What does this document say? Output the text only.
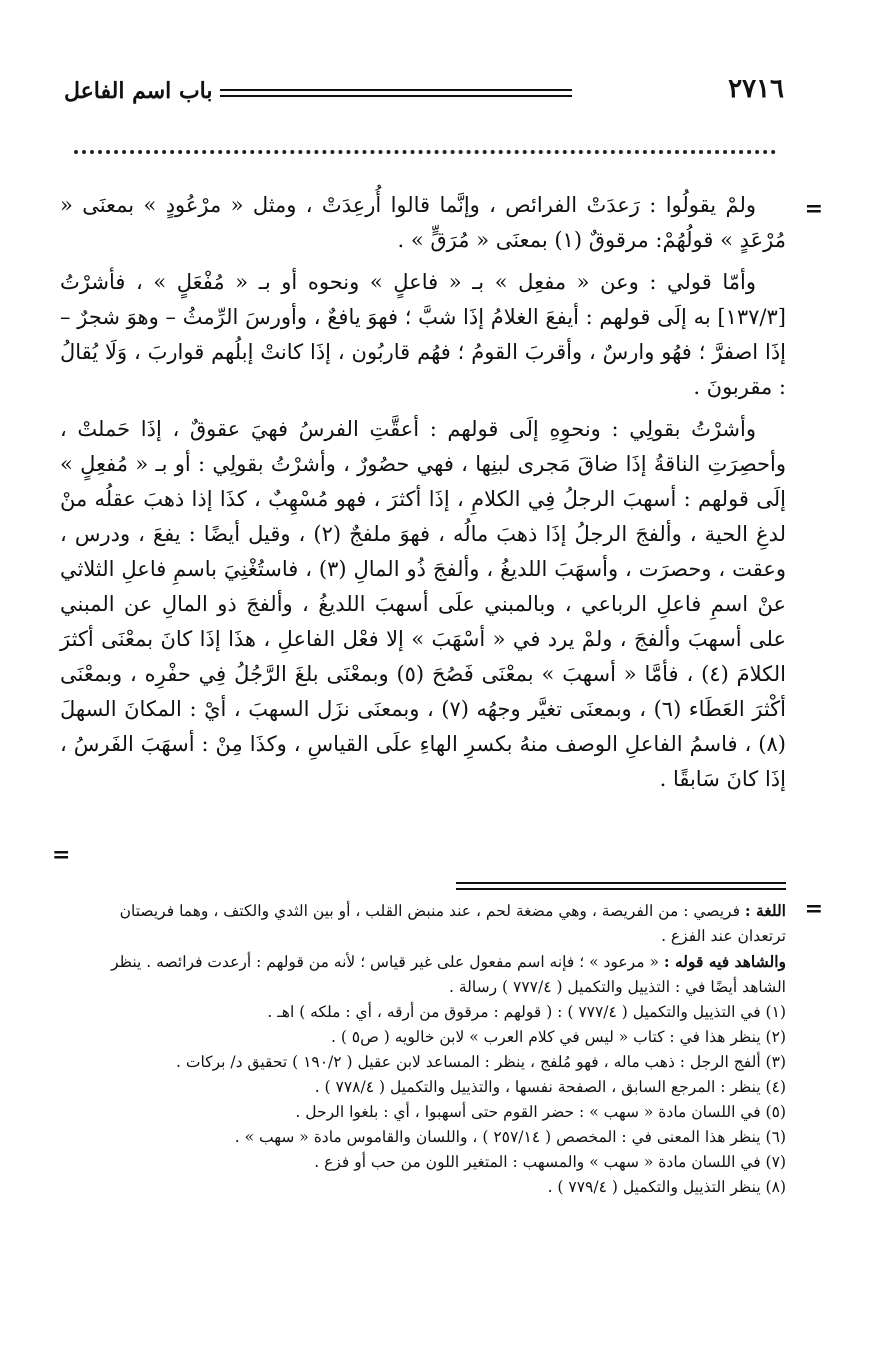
باب اسم الفاعل	٢٧١٦
=

ولمْ يقولُوا : رَعدَتْ الفرائص ، وإنَّما قالوا أُرعِدَتْ ، ومثل « مرْعُودٍ » بمعنَى « مُرْعَدٍ » قولُهُمْ: مرقوقٌ (١) بمعنَى « مُرَقٍّ » .

وأمّا قولي : وعن « مفعِل » بـ « فاعلٍ » ونحوه أو بـ « مُفْعَلٍ » ، فأشرْتُ [١٣٧/٣] به إلَى قولهم : أيفعَ الغلامُ إذَا شبَّ ؛ فهوَ يافعٌ ، وأورسَ الرِّمثُ – وهوَ شجرٌ – إذَا اصفرَّ ؛ فهُو وارسٌ ، وأقربَ القومُ ؛ فهُم قاربُون ، إذَا كانتْ إبلُهم قواربَ ، وَلَا يُقالُ : مقربونَ .

وأشرْتُ بقولِي : ونحوِهِ إلَى قولهم : أعقَّتِ الفرسُ فهيَ عقوقٌ ، إذَا حَملتْ ، وأحصِرَتِ الناقةُ إذَا ضاقَ مَجرى لبنِها ، فهي حصُورٌ ، وأشرْتُ بقولِي : أو بـ « مُفعِلٍ » إلَى قولهم : أسهبَ الرجلُ فِي الكلامِ ، إذَا أكثرَ ، فهو مُسْهِبٌ ، كذَا إذا ذهبَ عقلُه منْ لدغِ الحية ، وألفجَ الرجلُ إذَا ذهبَ مالُه ، فهوَ ملفجٌ (٢) ، وقيل أيضًا : يفعَ ، ودرس ، وعقت ، وحصرَت ، وأسهَبَ اللديغُ ، وألفجَ ذُو المالِ (٣) ، فاستُغْنِيَ باسمِ فاعلِ الثلاثي عنْ اسمِ فاعلِ الرباعي ، وبالمبني علَى أسهبَ اللديغُ ، وألفجَ ذو المالِ عن المبني على أسهبَ وألفجَ ، ولمْ يرد في « أسْهَبَ » إلا فعْل الفاعلِ ، هذَا إذَا كانَ بمعْنَى أكثرَ الكلامَ (٤) ، فأمَّا « أسهبَ » بمعْنَى فَصُحَ (٥) وبمعْنَى بلغَ الرَّجُلُ فِي حفْرِه ، وبمعْنَى أكْثرَ العَطَاء (٦) ، وبمعنَى تغيَّر وجهُه (٧) ، وبمعنَى نزَل السهبَ ، أيْ : المكانَ السهلَ (٨) ، فاسمُ الفاعلِ الوصف منهُ بكسرِ الهاءِ علَى القياسِ ، وكذَا مِنْ : أسهَبَ الفَرسُ ، إذَا كانَ سَابقًا .

=
=

اللغة : فريصي : من الفريصة ، وهي مضغة لحم ، عند منبض القلب ، أو بين الثدي والكتف ، وهما فريصتان ترتعدان عند الفزع .

والشاهد فيه قوله : « مرعود » ؛ فإنه اسم مفعول على غير قياس ؛ لأنه من قولهم : أرعدت فرائصه . ينظر الشاهد أيضًا في : التذييل والتكميل ( ٧٧٧/٤ ) رسالة .

(١) في التذييل والتكميل ( ٧٧٧/٤ ) : ( قولهم : مرقوق من أرقه ، أي : ملكه ) اهـ .

(٢) ينظر هذا في : كتاب « ليس في كلام العرب » لابن خالويه ( ص٥ ) .

(٣) ألفج الرجل : ذهب ماله ، فهو مُلفج ، ينظر : المساعد لابن عقيل ( ١٩٠/٢ ) تحقيق د/ بركات .

(٤) ينظر : المرجع السابق ، الصفحة نفسها ، والتذييل والتكميل ( ٧٧٨/٤ ) .

(٥) في اللسان مادة « سهب » : حضر القوم حتى أسهبوا ، أي : بلغوا الرحل .

(٦) ينظر هذا المعنى في : المخصص ( ٢٥٧/١٤ ) ، واللسان والقاموس مادة « سهب » .

(٧) في اللسان مادة « سهب » والمسهب : المتغير اللون من حب أو فزع .

(٨) ينظر التذييل والتكميل ( ٧٧٩/٤ ) .
